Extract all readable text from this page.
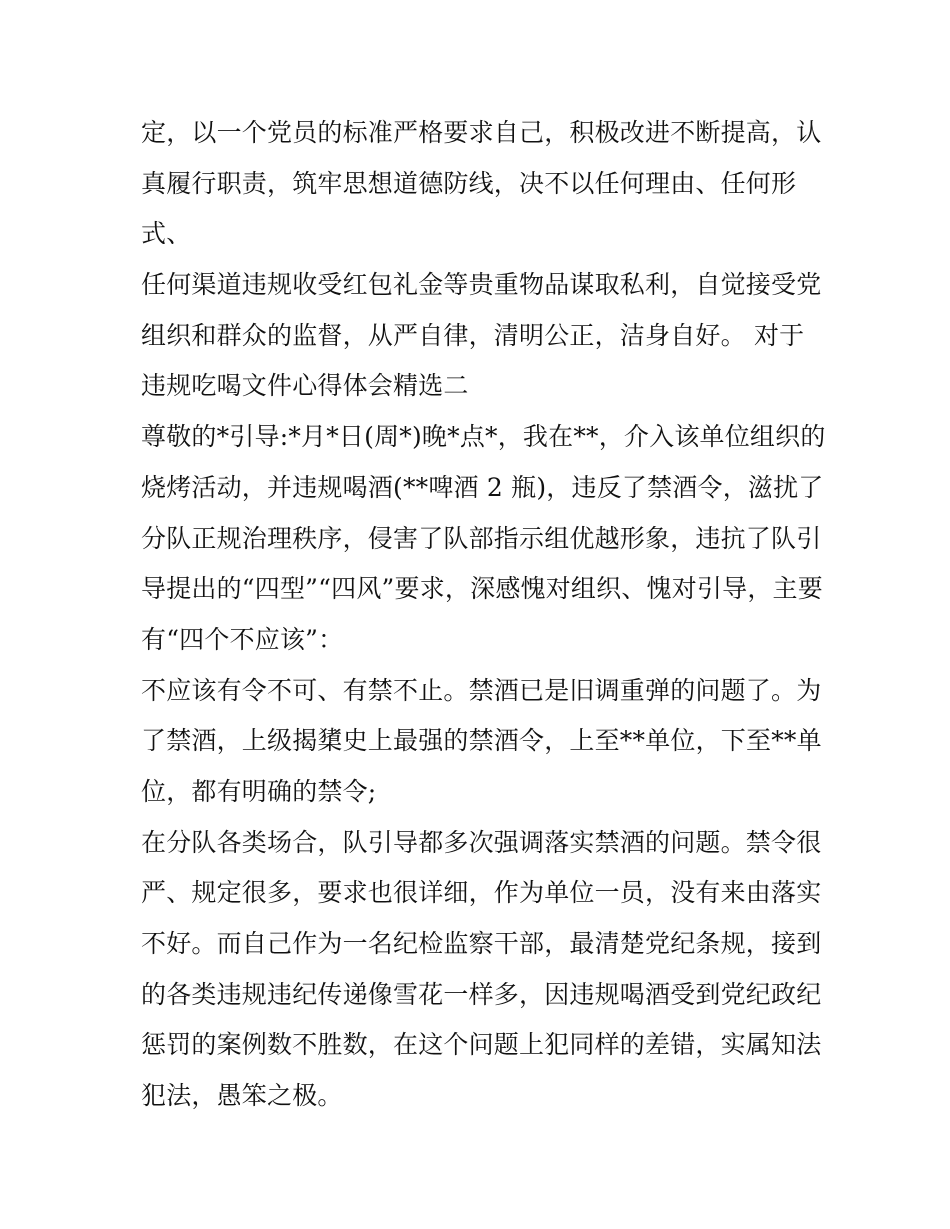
定，以一个党员的标准严格要求自己，积极改进不断提高，认
真履行职责，筑牢思想道德防线，决不以任何理由、任何形
式、
任何渠道违规收受红包礼金等贵重物品谋取私利，自觉接受党
组织和群众的监督，从严自律，清明公正，洁身自好。 对于
违规吃喝文件心得体会精选二
尊敬的*引导:*月*日(周*)晚*点*，我在**，介入该单位组织的
烧烤活动，并违规喝酒(**啤酒 2 瓶)，违反了禁酒令，滋扰了
分队正规治理秩序，侵害了队部指示组优越形象，违抗了队引
导提出的“四型”“四风”要求，深感愧对组织、愧对引导，主要
有“四个不应该”：
不应该有令不可、有禁不止。禁酒已是旧调重弹的问题了。为
了禁酒，上级揭橥史上最强的禁酒令，上至**单位，下至**单
位，都有明确的禁令;
在分队各类场合，队引导都多次强调落实禁酒的问题。禁令很
严、规定很多，要求也很详细，作为单位一员，没有来由落实
不好。而自己作为一名纪检监察干部，最清楚党纪条规，接到
的各类违规违纪传递像雪花一样多，因违规喝酒受到党纪政纪
惩罚的案例数不胜数，在这个问题上犯同样的差错，实属知法
犯法，愚笨之极。
